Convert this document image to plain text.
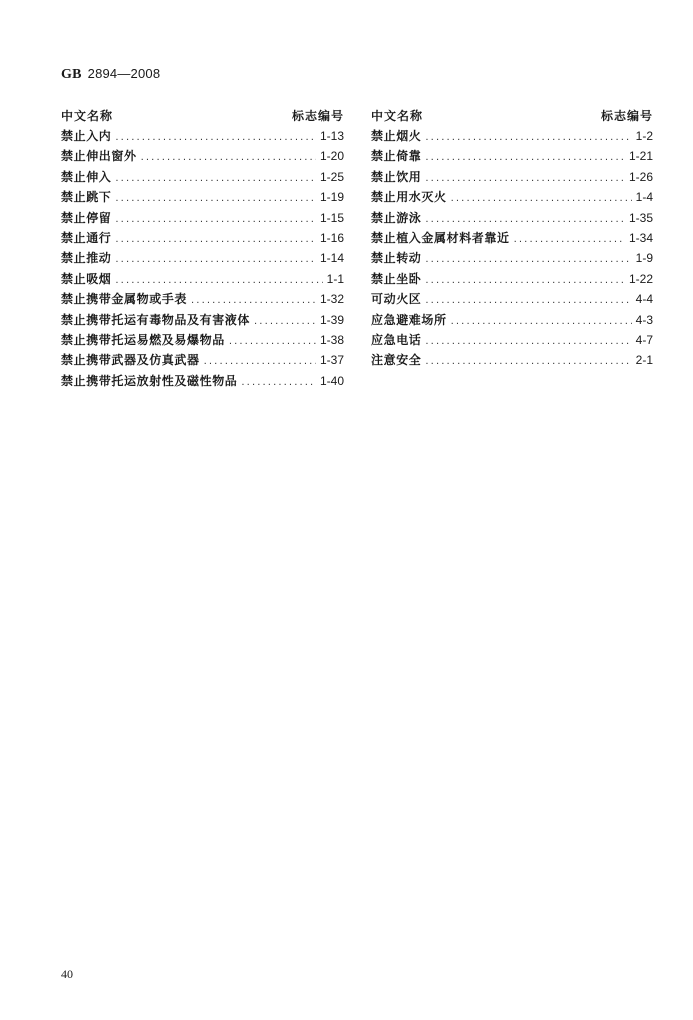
GB 2894—2008
中文名称	标志编号
禁止入内 .....	1-13
禁止伸出窗外 .....	1-20
禁止伸入 .....	1-25
禁止跳下 .....	1-19
禁止停留 .....	1-15
禁止通行 .....	1-16
禁止推动 .....	1-14
禁止吸烟 .....	1-1
禁止携带金属物或手表 .....	1-32
禁止携带托运有毒物品及有害液体 .....	1-39
禁止携带托运易燃及易爆物品 .....	1-38
禁止携带武器及仿真武器 .....	1-37
禁止携带托运放射性及磁性物品 .....	1-40
中文名称	标志编号
禁止烟火 .....	1-2
禁止倚靠 .....	1-21
禁止饮用 .....	1-26
禁止用水灭火 .....	1-4
禁止游泳 .....	1-35
禁止植入金属材料者靠近 .....	1-34
禁止转动 .....	1-9
禁止坐卧 .....	1-22
可动火区 .....	4-4
应急避难场所 .....	4-3
应急电话 .....	4-7
注意安全 .....	2-1
40
